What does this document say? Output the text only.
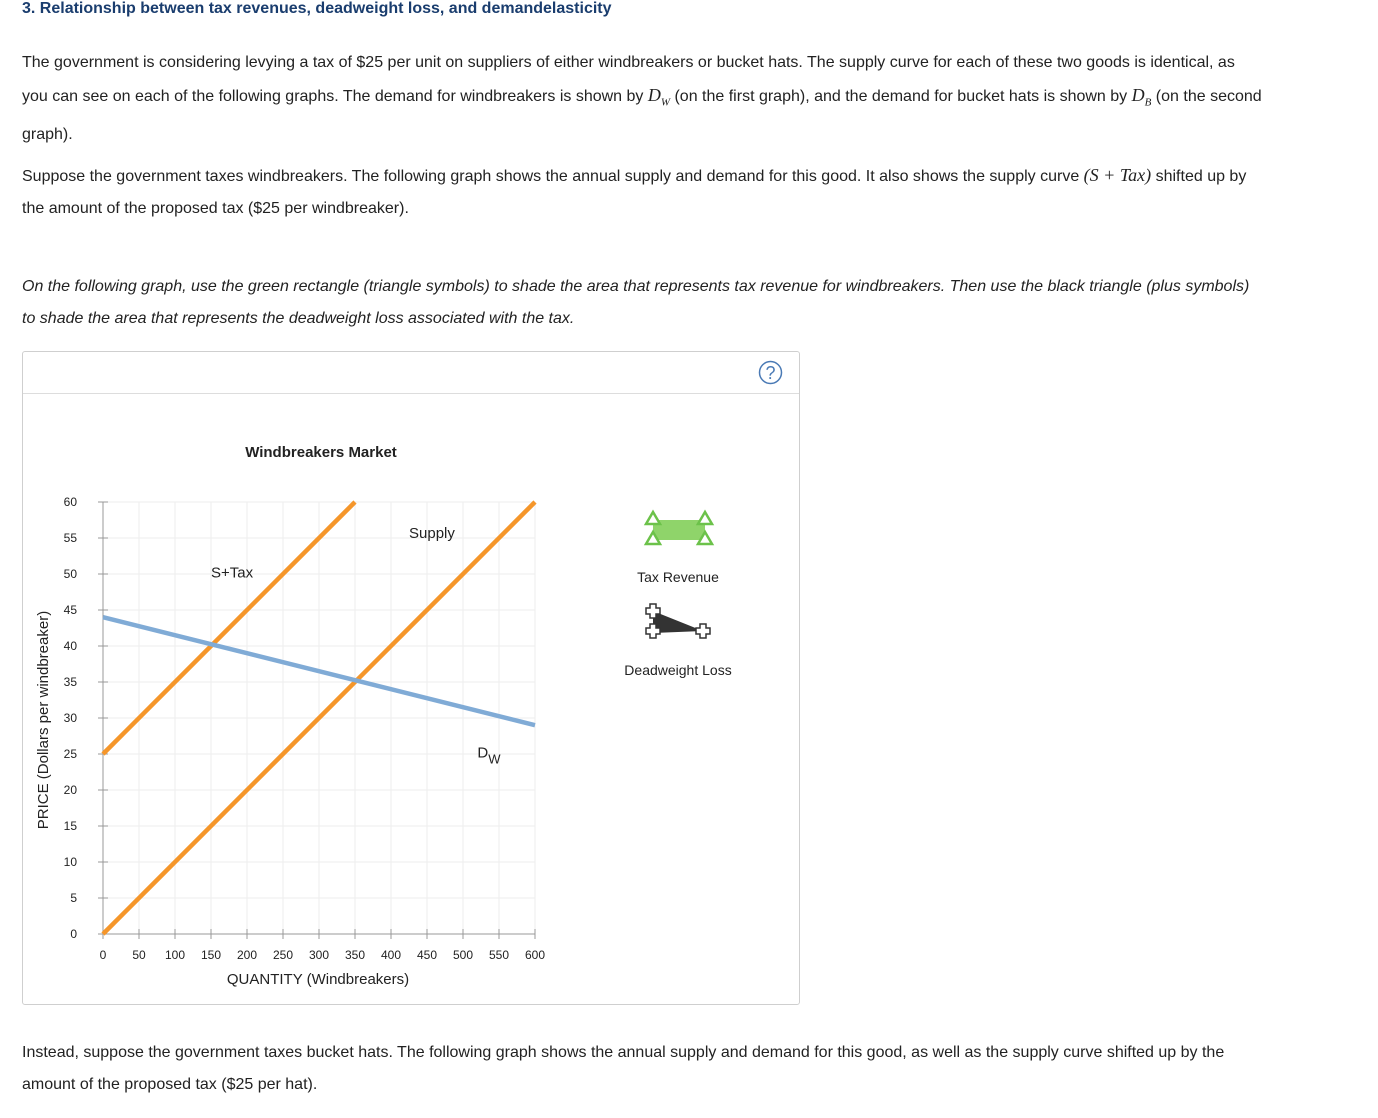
3. Relationship between tax revenues, deadweight loss, and demandelasticity
The government is considering levying a tax of $25 per unit on suppliers of either windbreakers or bucket hats. The supply curve for each of these two goods is identical, as you can see on each of the following graphs. The demand for windbreakers is shown by $D_W$ (on the first graph), and the demand for bucket hats is shown by $D_B$ (on the second graph).
Suppose the government taxes windbreakers. The following graph shows the annual supply and demand for this good. It also shows the supply curve (S + Tax) shifted up by the amount of the proposed tax ($25 per windbreaker).
On the following graph, use the green rectangle (triangle symbols) to shade the area that represents tax revenue for windbreakers. Then use the black triangle (plus symbols) to shade the area that represents the deadweight loss associated with the tax.
?
Windbreakers Market
0
5
10
15
20
25
30
35
40
45
50
55
60
0 50 100 150 200 250 300 350 400 450 500 550 600
Supply
S+Tax
DW
QUANTITY (Windbreakers)
PRICE (Dollars per windbreaker)
Tax Revenue
Deadweight Loss
Instead, suppose the government taxes bucket hats. The following graph shows the annual supply and demand for this good, as well as the supply curve shifted up by the amount of the proposed tax ($25 per hat).
